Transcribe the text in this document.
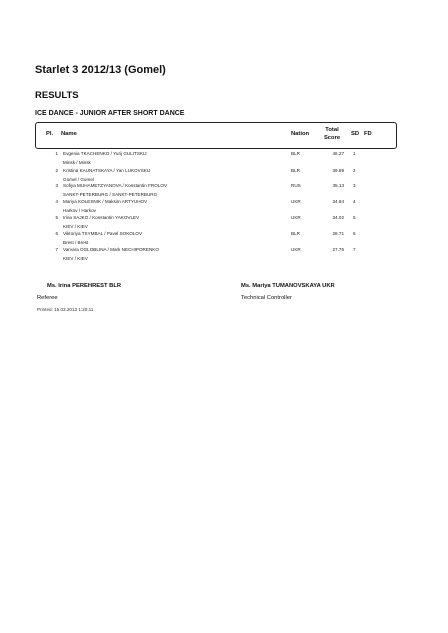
Starlet 3 2012/13 (Gomel)
RESULTS
ICE DANCE - JUNIOR AFTER SHORT DANCE
Pl. Name	Nation
Total Score
SD FD
1 Evgenia TKACHENKO / Yurij GULITSKIJ
Minsk / Minsk
BLR	46.27 1
2 Kristina KAUNATSKAYA / Yan LUKOVSKIJ
Gomel / Gomel
BLR	39.89 2
3 Sofiya MUHAMETZYANOVA / Konstantin FROLOV
SANKT-PETERBURG / SANKT-PETERBURG
RUS	35.13 3
4 Mariya KOLESNIK / Maksim ARTYUHOV
Harkov / Harkov
UKR	34.84 4
5 Irina SAJKO / Konstantin YAKOVLEV
KIEV / KIEV
UKR	34.02 5
6 Viktoriya TSYMBAL / Pavel SOKOLOV
Brest / Brest
BLR	28.71 6
7 Varvara OGLOBLINA / Mark NECHIPORENKO
KIEV / KIEV
UKR	27.76 7
Ms. Irina PEREHREST BLR
Referee
Ms. Mariya TUMANOVSKAYA UKR
Technical Controller
Printed: 15.03.2013 1:20:11
